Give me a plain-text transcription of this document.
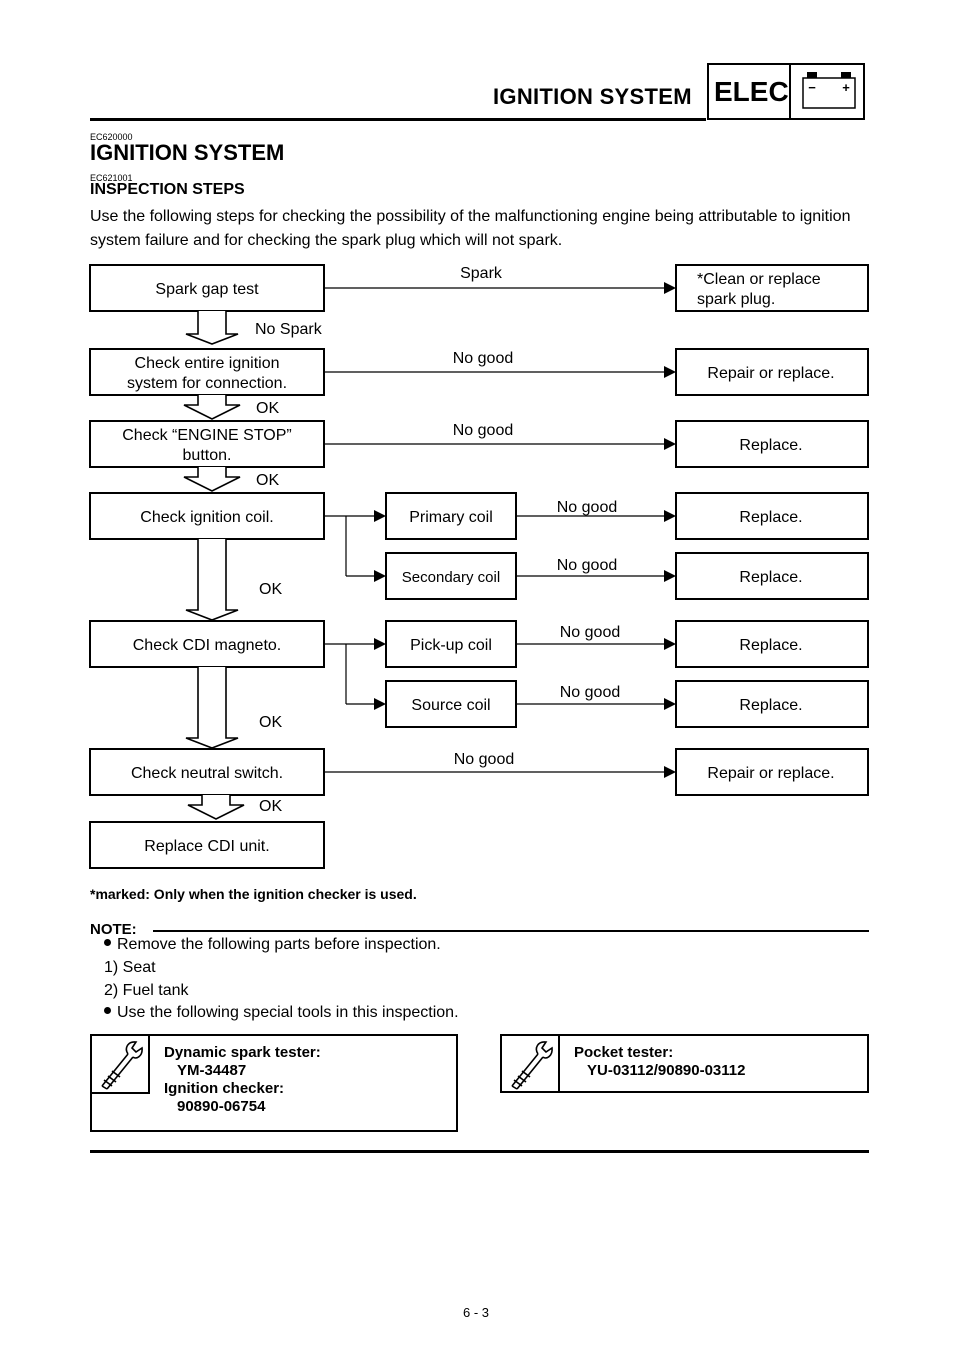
IGNITION SYSTEM ELEC − +
EC620000
IGNITION SYSTEM
EC621001
INSPECTION STEPS
Use the following steps for checking the possibility of the malfunctioning engine being attributable to ignition system failure and for checking the spark plug which will not spark.
Spark gap test
Check entire ignition
system for connection.
Check “ENGINE STOP”
button.
Check ignition coil.
Check CDI magneto.
Check neutral switch.
Replace CDI unit.
Primary coil
Secondary coil
Pick-up coil
Source coil
*Clean or replace
spark plug.
Repair or replace.
Replace.
Replace.
Replace.
Replace.
Replace.
Repair or replace.
Spark
No good
No good
No good
No good
No good
No good
No good
No Spark
OK
OK
OK
OK
OK
*marked: Only when the ignition checker is used.
NOTE:
Remove the following parts before inspection.
1) Seat
2) Fuel tank
Use the following special tools in this inspection.
Dynamic spark tester:
YM-34487
Ignition checker:
90890-06754
Pocket tester:
YU-03112/90890-03112
6 - 3
